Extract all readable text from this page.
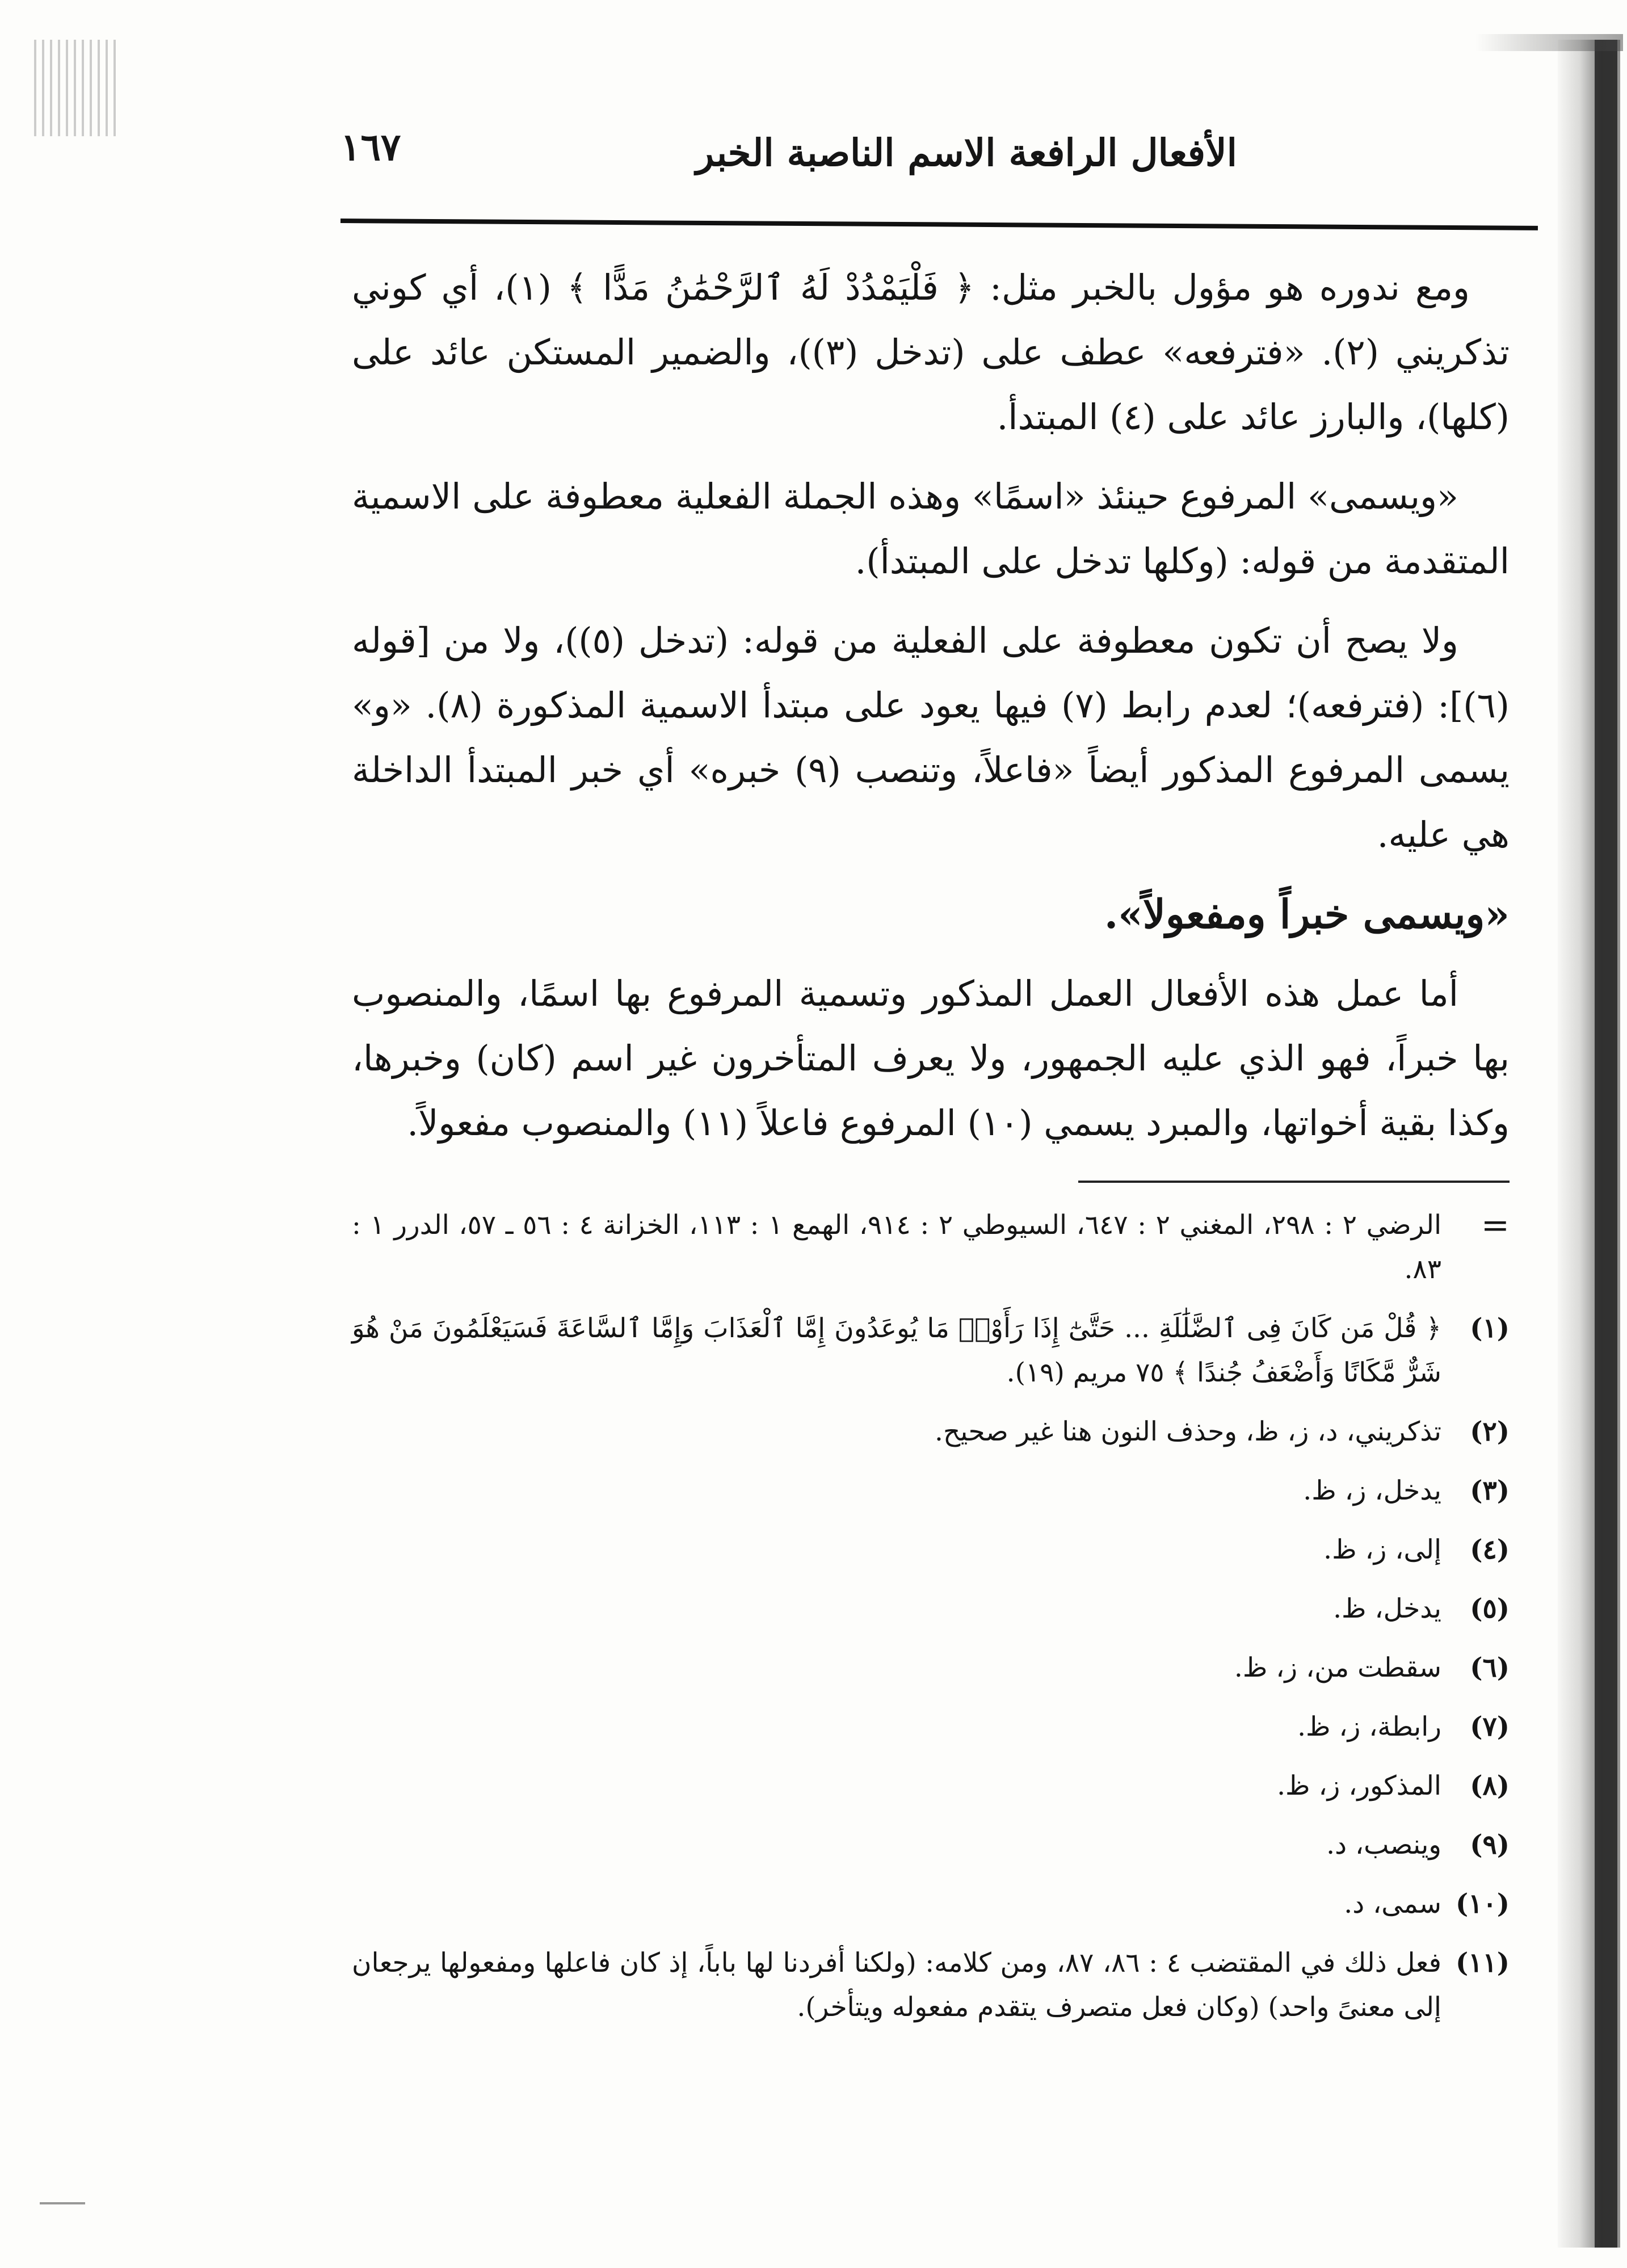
الأفعال الرافعة الاسم الناصبة الخبر
١٦٧

ومع ندوره هو مؤول بالخبر مثل: ﴿ فَلْيَمْدُدْ لَهُ ٱلرَّحْمَٰنُ مَدًّا ﴾ (١)، أي كوني تذكريني (٢). «فترفعه» عطف على (تدخل (٣))، والضمير المستكن عائد على (كلها)، والبارز عائد على (٤) المبتدأ.

«ويسمى» المرفوع حينئذ «اسمًا» وهذه الجملة الفعلية معطوفة على الاسمية المتقدمة من قوله: (وكلها تدخل على المبتدأ).

ولا يصح أن تكون معطوفة على الفعلية من قوله: (تدخل (٥))، ولا من [قوله (٦)]: (فترفعه)؛ لعدم رابط (٧) فيها يعود على مبتدأ الاسمية المذكورة (٨). «و» يسمى المرفوع المذكور أيضاً «فاعلاً، وتنصب (٩) خبره» أي خبر المبتدأ الداخلة هي عليه.

«ويسمى خبراً ومفعولاً».

أما عمل هذه الأفعال العمل المذكور وتسمية المرفوع بها اسمًا، والمنصوب بها خبراً، فهو الذي عليه الجمهور، ولا يعرف المتأخرون غير اسم (كان) وخبرها، وكذا بقية أخواتها، والمبرد يسمي (١٠) المرفوع فاعلاً (١١) والمنصوب مفعولاً.

=
الرضي ٢ : ٢٩٨، المغني ٢ : ٦٤٧، السيوطي ٢ : ٩١٤، الهمع ١ : ١١٣، الخزانة ٤ : ٥٦ ـ ٥٧، الدرر ١ : ٨٣.
(١)
﴿ قُلْ مَن كَانَ فِى ٱلضَّلَٰلَةِ ... حَتَّىٰٓ إِذَا رَأَوْا۟ مَا يُوعَدُونَ إِمَّا ٱلْعَذَابَ وَإِمَّا ٱلسَّاعَةَ فَسَيَعْلَمُونَ مَنْ هُوَ شَرٌّ مَّكَانًا وَأَضْعَفُ جُندًا ﴾ ٧٥ مريم (١٩).
(٢)
تذكريني، د، ز، ظ، وحذف النون هنا غير صحيح.
(٣)
يدخل، ز، ظ.
(٤)
إلى، ز، ظ.
(٥)
يدخل، ظ.
(٦)
سقطت من، ز، ظ.
(٧)
رابطة، ز، ظ.
(٨)
المذكور، ز، ظ.
(٩)
وينصب، د.
(١٠)
سمى، د.
(١١)
فعل ذلك في المقتضب ٤ : ٨٦، ٨٧، ومن كلامه: (ولكنا أفردنا لها باباً، إذ كان فاعلها ومفعولها يرجعان إلى معنىً واحد) (وكان فعل متصرف يتقدم مفعوله ويتأخر).
